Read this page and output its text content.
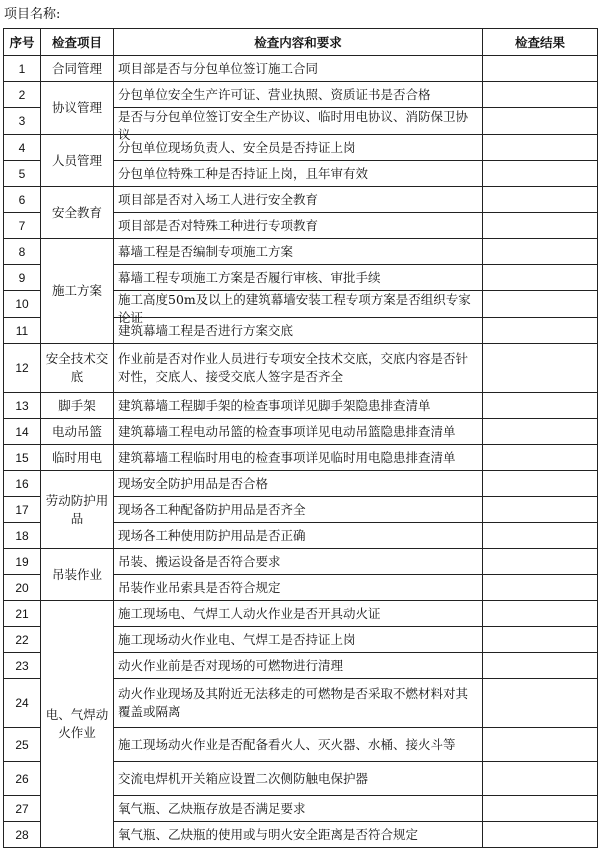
项目名称:
序号	检查项目	检查内容和要求	检查结果
1	合同管理	项目部是否与分包单位签订施工合同	
2	协议管理	分包单位安全生产许可证、营业执照、资质证书是否合格	
3		是否与分包单位签订安全生产协议、临时用电协议、消防保卫协议	

4	人员管理	分包单位现场负责人、安全员是否持证上岗	
5		分包单位特殊工种是否持证上岗，且年审有效	
6	安全教育	项目部是否对入场工人进行安全教育	
7		项目部是否对特殊工种进行专项教育	
8	施工方案	幕墙工程是否编制专项施工方案	
9		幕墙工程专项施工方案是否履行审核、审批手续	
10		施工高度50m及以上的建筑幕墙安装工程专项方案是否组织专家论证	

11		建筑幕墙工程是否进行方案交底	
12	安全技术交底	作业前是否对作业人员进行专项安全技术交底，交底内容是否针对性，交底人、接受交底人签字是否齐全	
13	脚手架	建筑幕墙工程脚手架的检查事项详见脚手架隐患排查清单	
14	电动吊篮	建筑幕墙工程电动吊篮的检查事项详见电动吊篮隐患排查清单	
15	临时用电	建筑幕墙工程临时用电的检查事项详见临时用电隐患排查清单	
16	劳动防护用品	现场安全防护用品是否合格	
17		现场各工种配备防护用品是否齐全	
18		现场各工种使用防护用品是否正确	
19	吊装作业	吊装、搬运设备是否符合要求	
20		吊装作业吊索具是否符合规定	
21	电、气焊动火作业	施工现场电、气焊工人动火作业是否开具动火证	
22		施工现场动火作业电、气焊工是否持证上岗	
23		动火作业前是否对现场的可燃物进行清理	
24		动火作业现场及其附近无法移走的可燃物是否采取不燃材料对其覆盖或隔离	
25		施工现场动火作业是否配备看火人、灭火器、水桶、接火斗等	
26		交流电焊机开关箱应设置二次侧防触电保护器	
27		氧气瓶、乙炔瓶存放是否满足要求	
28		氧气瓶、乙炔瓶的使用或与明火安全距离是否符合规定	
